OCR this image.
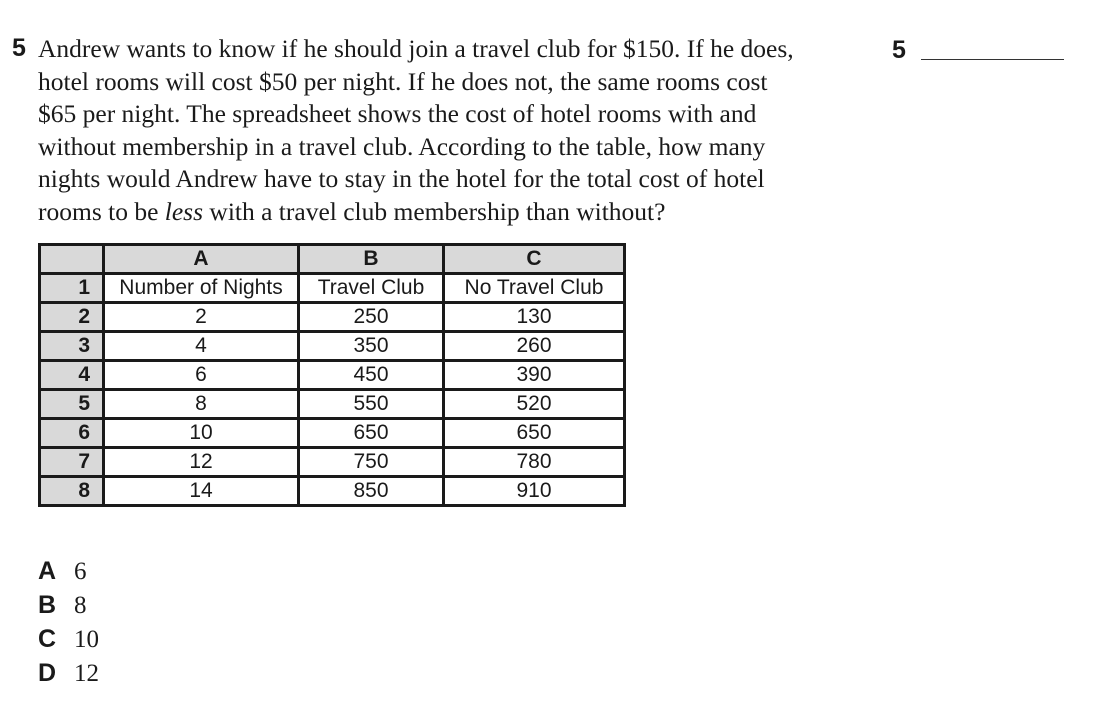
5 Andrew wants to know if he should join a travel club for $150. If he does,
hotel rooms will cost $50 per night. If he does not, the same rooms cost
$65 per night. The spreadsheet shows the cost of hotel rooms with and
without membership in a travel club. According to the table, how many
nights would Andrew have to stay in the hotel for the total cost of hotel
rooms to be less with a travel club membership than without?
5
	A	B	C
1	Number of Nights	Travel Club	No Travel Club
2	2	250	130
3	4	350	260
4	6	450	390
5	8	550	520
6	10	650	650
7	12	750	780
8	14	850	910
A 6
B 8
C 10
D 12
